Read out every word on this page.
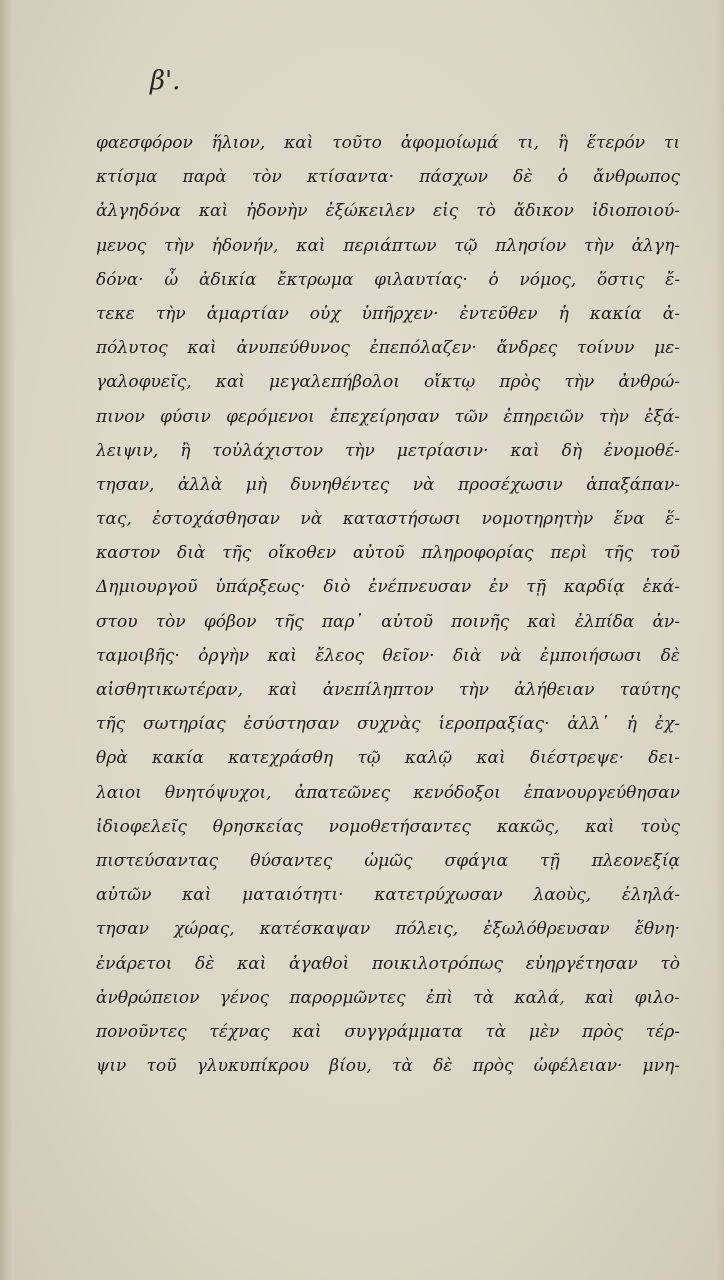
β'.
φαεσφόρον ἥλιον, καὶ τοῦτο ἀφομοίωμά τι, ἢ ἕτερόν τι
κτίσμα παρὰ τὸν κτίσαντα· πάσχων δὲ ὁ ἄνθρωπος
ἀλγηδόνα καὶ ἡδονὴν ἐξώκειλεν εἰς τὸ ἄδικον ἰδιοποιού-
μενος τὴν ἡδονήν, καὶ περιάπτων τῷ πλησίον τὴν ἀλγη-
δόνα· ὦ ἀδικία ἔκτρωμα φιλαυτίας· ὁ νόμος, ὅστις ἔ-
τεκε τὴν ἁμαρτίαν οὐχ ὑπῆρχεν· ἐντεῦθεν ἡ κακία ἀ-
πόλυτος καὶ ἀνυπεύθυνος ἐπεπόλαζεν· ἄνδρες τοίνυν με-
γαλοφυεῖς, καὶ μεγαλεπήβολοι οἴκτῳ πρὸς τὴν ἀνθρώ-
πινον φύσιν φερόμενοι ἐπεχείρησαν τῶν ἐπηρειῶν τὴν ἐξά-
λειψιν, ἢ τοὐλάχιστον τὴν μετρίασιν· καὶ δὴ ἐνομοθέ-
τησαν, ἀλλὰ μὴ δυνηθέντες νὰ προσέχωσιν ἁπαξάπαν-
τας, ἐστοχάσθησαν νὰ καταστήσωσι νομοτηρητὴν ἕνα ἕ-
καστον διὰ τῆς οἴκοθεν αὐτοῦ πληροφορίας περὶ τῆς τοῦ
Δημιουργοῦ ὑπάρξεως· διὸ ἐνέπνευσαν ἐν τῇ καρδίᾳ ἑκά-
στου τὸν φόβον τῆς παρ᾽ αὐτοῦ ποινῆς καὶ ἐλπίδα ἀν-
ταμοιβῆς· ὀργὴν καὶ ἔλεος θεῖον· διὰ νὰ ἐμποιήσωσι δὲ
αἰσθητικωτέραν, καὶ ἀνεπίληπτον τὴν ἀλήθειαν ταύτης
τῆς σωτηρίας ἐσύστησαν συχνὰς ἱεροπραξίας· ἀλλ᾽ ἡ ἐχ-
θρὰ κακία κατεχράσθη τῷ καλῷ καὶ διέστρεψε· δει-
λαιοι θνητόψυχοι, ἀπατεῶνες κενόδοξοι ἐπανουργεύθησαν
ἰδιοφελεῖς θρησκείας νομοθετήσαντες κακῶς, καὶ τοὺς
πιστεύσαντας θύσαντες ὠμῶς σφάγια τῇ πλεονεξίᾳ
αὐτῶν καὶ ματαιότητι· κατετρύχωσαν λαοὺς, ἐληλά-
τησαν χώρας, κατέσκαψαν πόλεις, ἐξωλόθρευσαν ἔθνη·
ἐνάρετοι δὲ καὶ ἀγαθοὶ ποικιλοτρόπως εὐηργέτησαν τὸ
ἀνθρώπειον γένος παρορμῶντες ἐπὶ τὰ καλά, καὶ φιλο-
πονοῦντες τέχνας καὶ συγγράμματα τὰ μὲν πρὸς τέρ-
ψιν τοῦ γλυκυπίκρου βίου, τὰ δὲ πρὸς ὠφέλειαν· μνη-
